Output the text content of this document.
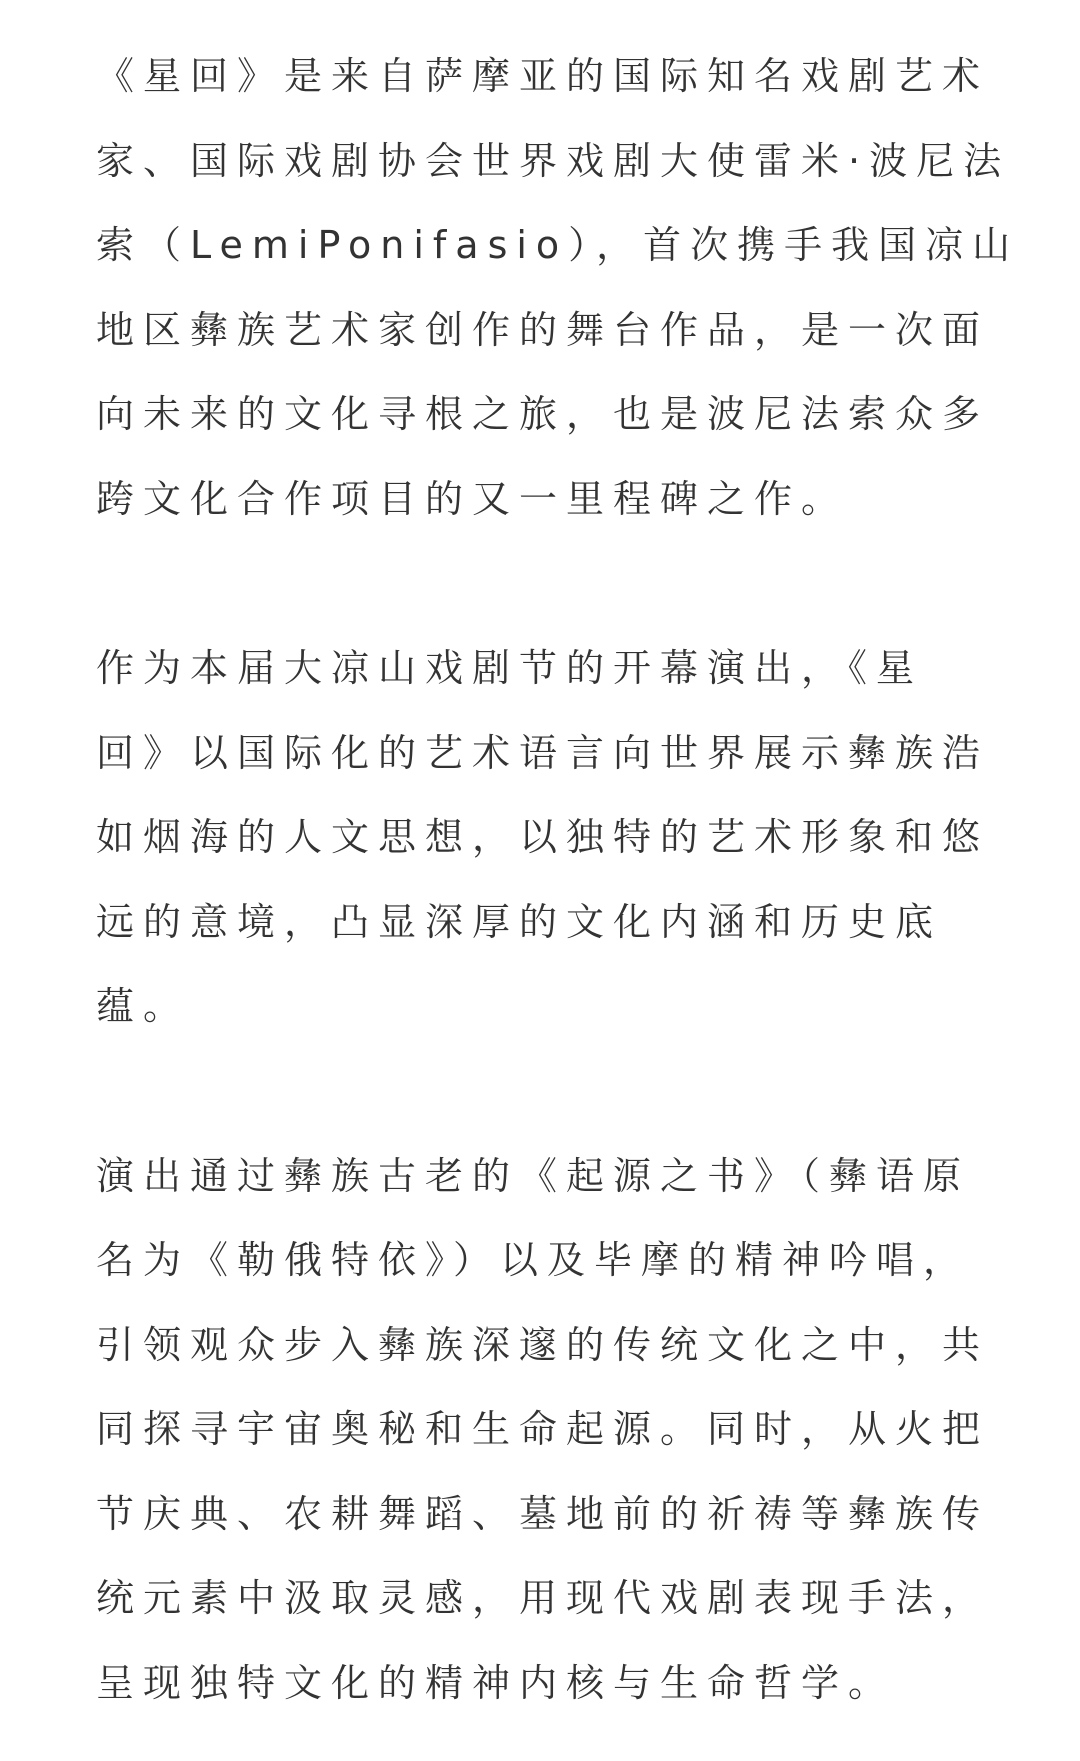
《星回》是来自萨摩亚的国际知名戏剧艺术
家、国际戏剧协会世界戏剧大使雷米·波尼法
索（LemiPonifasio），首次携手我国凉山
地区彝族艺术家创作的舞台作品，是一次面
向未来的文化寻根之旅，也是波尼法索众多
跨文化合作项目的又一里程碑之作。
作为本届大凉山戏剧节的开幕演出，《星
回》以国际化的艺术语言向世界展示彝族浩
如烟海的人文思想，以独特的艺术形象和悠
远的意境，凸显深厚的文化内涵和历史底
蕴。
演出通过彝族古老的《起源之书》（彝语原
名为《勒俄特依》）以及毕摩的精神吟唱，
引领观众步入彝族深邃的传统文化之中，共
同探寻宇宙奥秘和生命起源。同时，从火把
节庆典、农耕舞蹈、墓地前的祈祷等彝族传
统元素中汲取灵感，用现代戏剧表现手法，
呈现独特文化的精神内核与生命哲学。
